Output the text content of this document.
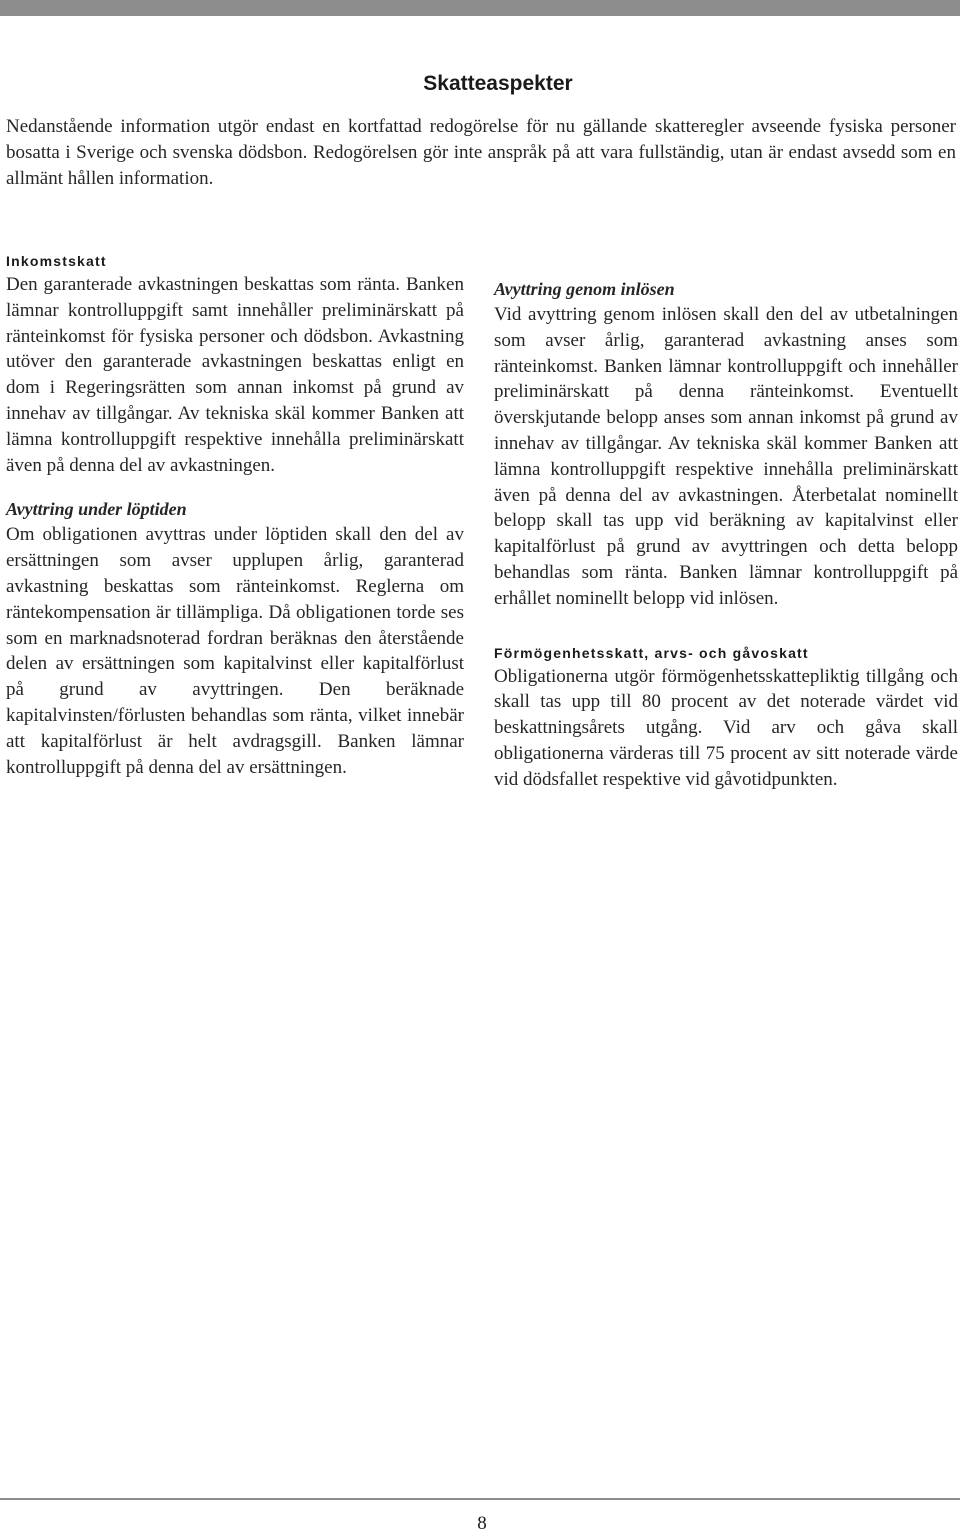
Skatteaspekter

Nedanstående information utgör endast en kortfattad redogörelse för nu gällande skatteregler avseende fysiska personer bosatta i Sverige och svenska dödsbon. Redogörelsen gör inte anspråk på att vara fullständig, utan är endast avsedd som en allmänt hållen information.

Inkomstskatt

Den garanterade avkastningen beskattas som ränta. Banken lämnar kontrolluppgift samt innehåller preliminärskatt på ränteinkomst för fysiska personer och dödsbon. Avkastning utöver den garanterade avkastningen beskattas enligt en dom i Regeringsrätten som annan inkomst på grund av innehav av tillgångar. Av tekniska skäl kommer Banken att lämna kontrolluppgift respektive innehålla preliminärskatt även på denna del av avkastningen.

Avyttring under löptiden

Om obligationen avyttras under löptiden skall den del av ersättningen som avser upplupen årlig, garanterad avkastning beskattas som ränteinkomst. Reglerna om räntekompensation är tillämpliga. Då obligationen torde ses som en marknadsnoterad fordran beräknas den återstående delen av ersättningen som kapitalvinst eller kapitalförlust på grund av avyttringen. Den beräknade kapitalvinsten/förlusten behandlas som ränta, vilket innebär att kapitalförlust är helt avdragsgill. Banken lämnar kontrolluppgift på denna del av ersättningen.

Avyttring genom inlösen

Vid avyttring genom inlösen skall den del av utbetalningen som avser årlig, garanterad avkastning anses som ränteinkomst. Banken lämnar kontrolluppgift och innehåller preliminärskatt på denna ränteinkomst. Eventuellt överskjutande belopp anses som annan inkomst på grund av innehav av tillgångar. Av tekniska skäl kommer Banken att lämna kontrolluppgift respektive innehålla preliminärskatt även på denna del av avkastningen. Återbetalat nominellt belopp skall tas upp vid beräkning av kapitalvinst eller kapitalförlust på grund av avyttringen och detta belopp behandlas som ränta. Banken lämnar kontrolluppgift på erhållet nominellt belopp vid inlösen.

Förmögenhetsskatt, arvs- och gåvoskatt

Obligationerna utgör förmögenhetsskattepliktig tillgång och skall tas upp till 80 procent av det noterade värdet vid beskattningsårets utgång. Vid arv och gåva skall obligationerna värderas till 75 procent av sitt noterade värde vid dödsfallet respektive vid gåvotidpunkten.

8
